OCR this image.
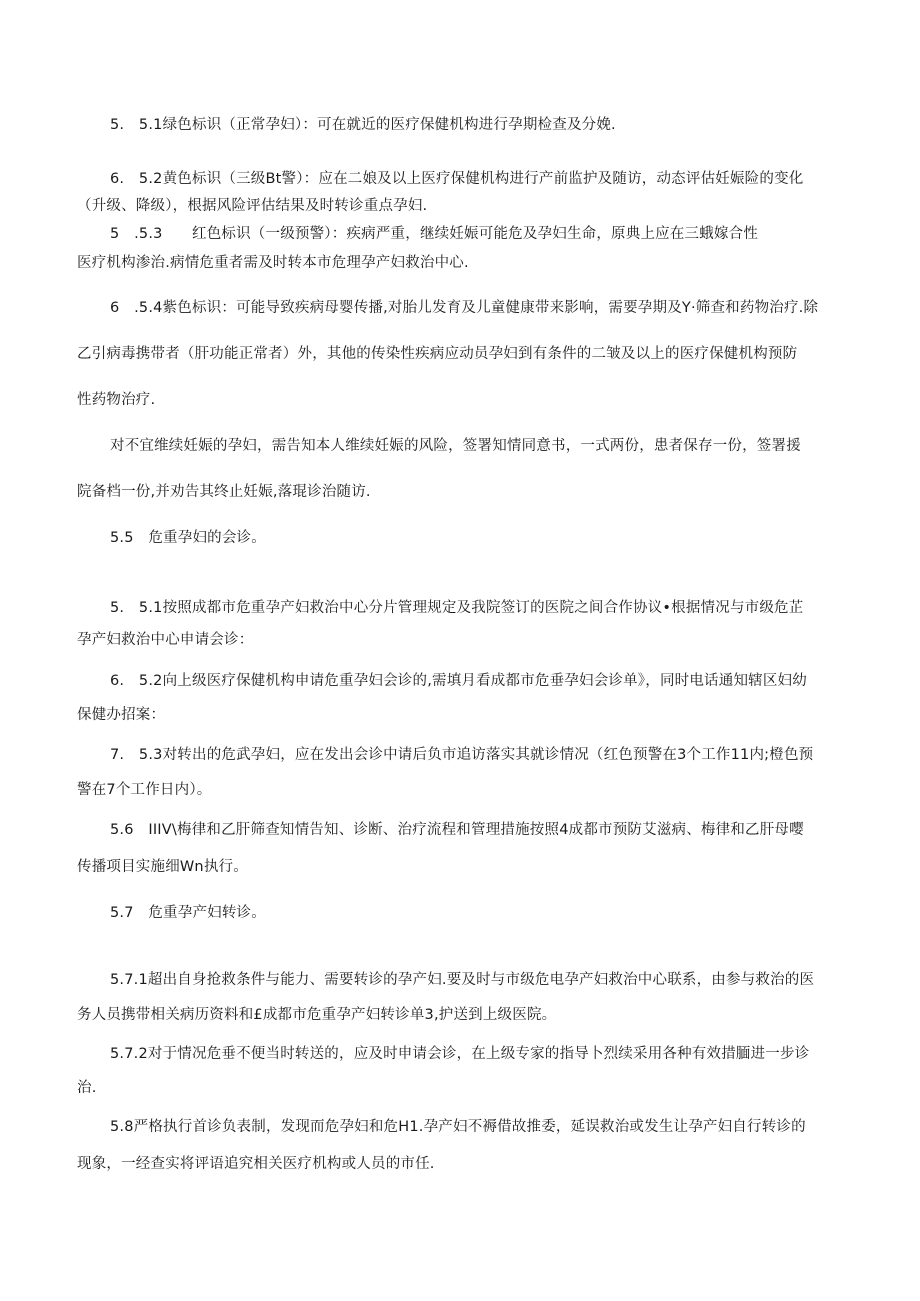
5.　5.1绿色标识（正常孕妇）：可在就近的医疗保健机构进行孕期检查及分娩.
6.　5.2黄色标识（三级Bt警）：应在二娘及以上医疗保健机构进行产前监护及随访，动态评估妊娠险的变化
（升级、降级），根据风险评估结果及时转诊重点孕妇.
5　.5.3　　红色标识（一级预警）：疾病严重，继续妊娠可能危及孕妇生命，原典上应在三蛾嫁合性
医疗机构渗治.病情危重者需及时转本市危理孕产妇救治中心.
6　.5.4紫色标识：可能导致疾病母婴传播,对胎儿发育及儿童健康带来影响，需要孕期及Y·筛查和药物治疗.除
乙引病毒携带者（肝功能正常者）外，其他的传染性疾病应动员孕妇到有条件的二皱及以上的医疗保健机构预防
性药物治疗.
对不宜维续妊娠的孕妇，需告知本人维续妊娠的风险，签署知情同意书，一式两份，患者保存一份，签署援
院备档一份,并劝告其终止妊娠,落琨诊治随访.
5.5　危重孕妇的会诊。
5.　5.1按照成都市危重孕产妇救治中心分片管理规定及我院签订的医院之间合作协议•根据情况与市级危芷
孕产妇救治中心申请会诊：
6.　5.2向上级医疗保健机构申请危重孕妇会诊的,需填月看成都市危垂孕妇会诊单》，同时电话通知辖区妇幼
保健办招案：
7.　5.3对转出的危武孕妇，应在发出会诊中请后负市追访落实其就诊情况（红色预警在3个工作11内;橙色预
警在7个工作日内）。
5.6　IIIV\梅律和乙肝筛查知情告知、诊断、治疗流程和管理措施按照4成都市预防艾滋病、梅律和乙肝母嘤
传播项目实施细Wn执行。
5.7　危重孕产妇转诊。
5.7.1超出自身抢救条件与能力、需要转诊的孕产妇.要及时与市级危电孕产妇救治中心联系，由参与救治的医
务人员携带相关病历资料和£成都市危重孕产妇转诊单3,护送到上级医院。
5.7.2对于情况危垂不便当时转送的，应及时申请会诊，在上级专家的指导卜烈续采用各种有效措腼进一步诊
治.
5.8严格执行首诊负表制，发现而危孕妇和危H1.孕产妇不褥借故推委，延误救治或发生让孕产妇自行转诊的
现象，一经查实将评语追究相关医疗机构或人员的市任.
